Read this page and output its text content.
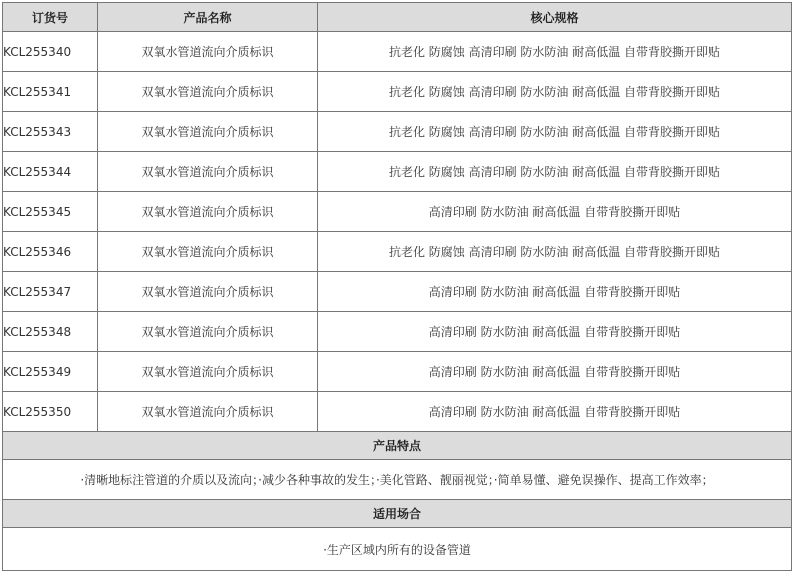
订货号	产品名称	核心规格
KCL255340	双氧水管道流向介质标识	抗老化 防腐蚀 高清印刷 防水防油 耐高低温 自带背胶撕开即贴
KCL255341	双氧水管道流向介质标识	抗老化 防腐蚀 高清印刷 防水防油 耐高低温 自带背胶撕开即贴
KCL255343	双氧水管道流向介质标识	抗老化 防腐蚀 高清印刷 防水防油 耐高低温 自带背胶撕开即贴
KCL255344	双氧水管道流向介质标识	抗老化 防腐蚀 高清印刷 防水防油 耐高低温 自带背胶撕开即贴
KCL255345	双氧水管道流向介质标识	高清印刷 防水防油 耐高低温 自带背胶撕开即贴
KCL255346	双氧水管道流向介质标识	抗老化 防腐蚀 高清印刷 防水防油 耐高低温 自带背胶撕开即贴
KCL255347	双氧水管道流向介质标识	高清印刷 防水防油 耐高低温 自带背胶撕开即贴
KCL255348	双氧水管道流向介质标识	高清印刷 防水防油 耐高低温 自带背胶撕开即贴
KCL255349	双氧水管道流向介质标识	高清印刷 防水防油 耐高低温 自带背胶撕开即贴
KCL255350	双氧水管道流向介质标识	高清印刷 防水防油 耐高低温 自带背胶撕开即贴
产品特点		
·清晰地标注管道的介质以及流向；·减少各种事故的发生；·美化管路、靓丽视觉；·简单易懂、避免误操作、提高工作效率；		
适用场合		
·生产区域内所有的设备管道		
